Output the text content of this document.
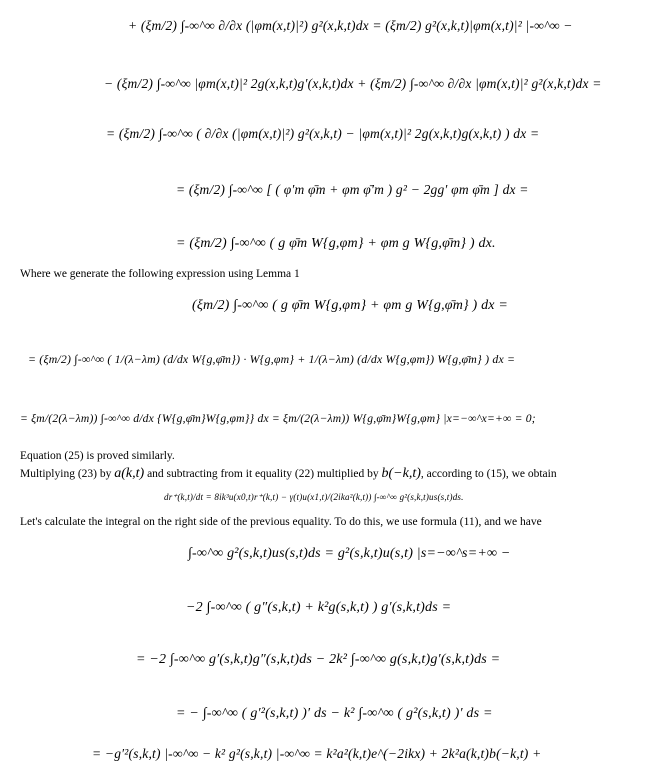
+ (ξm/2) ∫-∞^∞ ∂/∂x (|φm(x,t)|²) g²(x,k,t)dx = (ξm/2) g²(x,k,t)|φm(x,t)|² |-∞^∞ −
− (ξm/2) ∫-∞^∞ |φm(x,t)|² 2g(x,k,t)g′(x,k,t)dx + (ξm/2) ∫-∞^∞ ∂/∂x |φm(x,t)|² g²(x,k,t)dx =
= (ξm/2) ∫-∞^∞ ( ∂/∂x (|φm(x,t)|²) g²(x,k,t) − |φm(x,t)|² 2g(x,k,t)g(x,k,t) ) dx =
= (ξm/2) ∫-∞^∞ [ ( φ′m φ̄m + φm φ̄′m ) g² − 2gg′ φm φ̄m ] dx =
= (ξm/2) ∫-∞^∞ ( g φ̄m W{g,φm} + φm g W{g,φ̄m} ) dx.
Where we generate the following expression using Lemma 1
(ξm/2) ∫-∞^∞ ( g φ̄m W{g,φm} + φm g W{g,φ̄m} ) dx =
= (ξm/2) ∫-∞^∞ ( 1/(λ−λm) (d/dx W{g,φ̄m}) · W{g,φm} + 1/(λ−λm) (d/dx W{g,φm}) W{g,φ̄m} ) dx =
= ξm/(2(λ−λm)) ∫-∞^∞ d/dx {W{g,φ̄m}W{g,φm}} dx = ξm/(2(λ−λm)) W{g,φ̄m}W{g,φm} |x=−∞^x=+∞ = 0;
Equation (25) is proved similarly.
Multiplying (23) by a(k,t) and subtracting from it equality (22) multiplied by b(−k,t), according to (15), we obtain
dr⁺(k,t)/dt = 8ik³u(x0,t)r⁺(k,t) − γ(t)u(x1,t)/(2ika²(k,t)) ∫-∞^∞ g²(s,k,t)us(s,t)ds.
Let's calculate the integral on the right side of the previous equality. To do this, we use formula (11), and we have
∫-∞^∞ g²(s,k,t)us(s,t)ds = g²(s,k,t)u(s,t) |s=−∞^s=+∞ −
−2 ∫-∞^∞ ( g″(s,k,t) + k²g(s,k,t) ) g′(s,k,t)ds =
= −2 ∫-∞^∞ g′(s,k,t)g″(s,k,t)ds − 2k² ∫-∞^∞ g(s,k,t)g′(s,k,t)ds =
= − ∫-∞^∞ ( g′²(s,k,t) )′ ds − k² ∫-∞^∞ ( g²(s,k,t) )′ ds =
= −g′²(s,k,t) |-∞^∞ − k² g²(s,k,t) |-∞^∞ = k²a²(k,t)e^(−2ikx) + 2k²a(k,t)b(−k,t) +
